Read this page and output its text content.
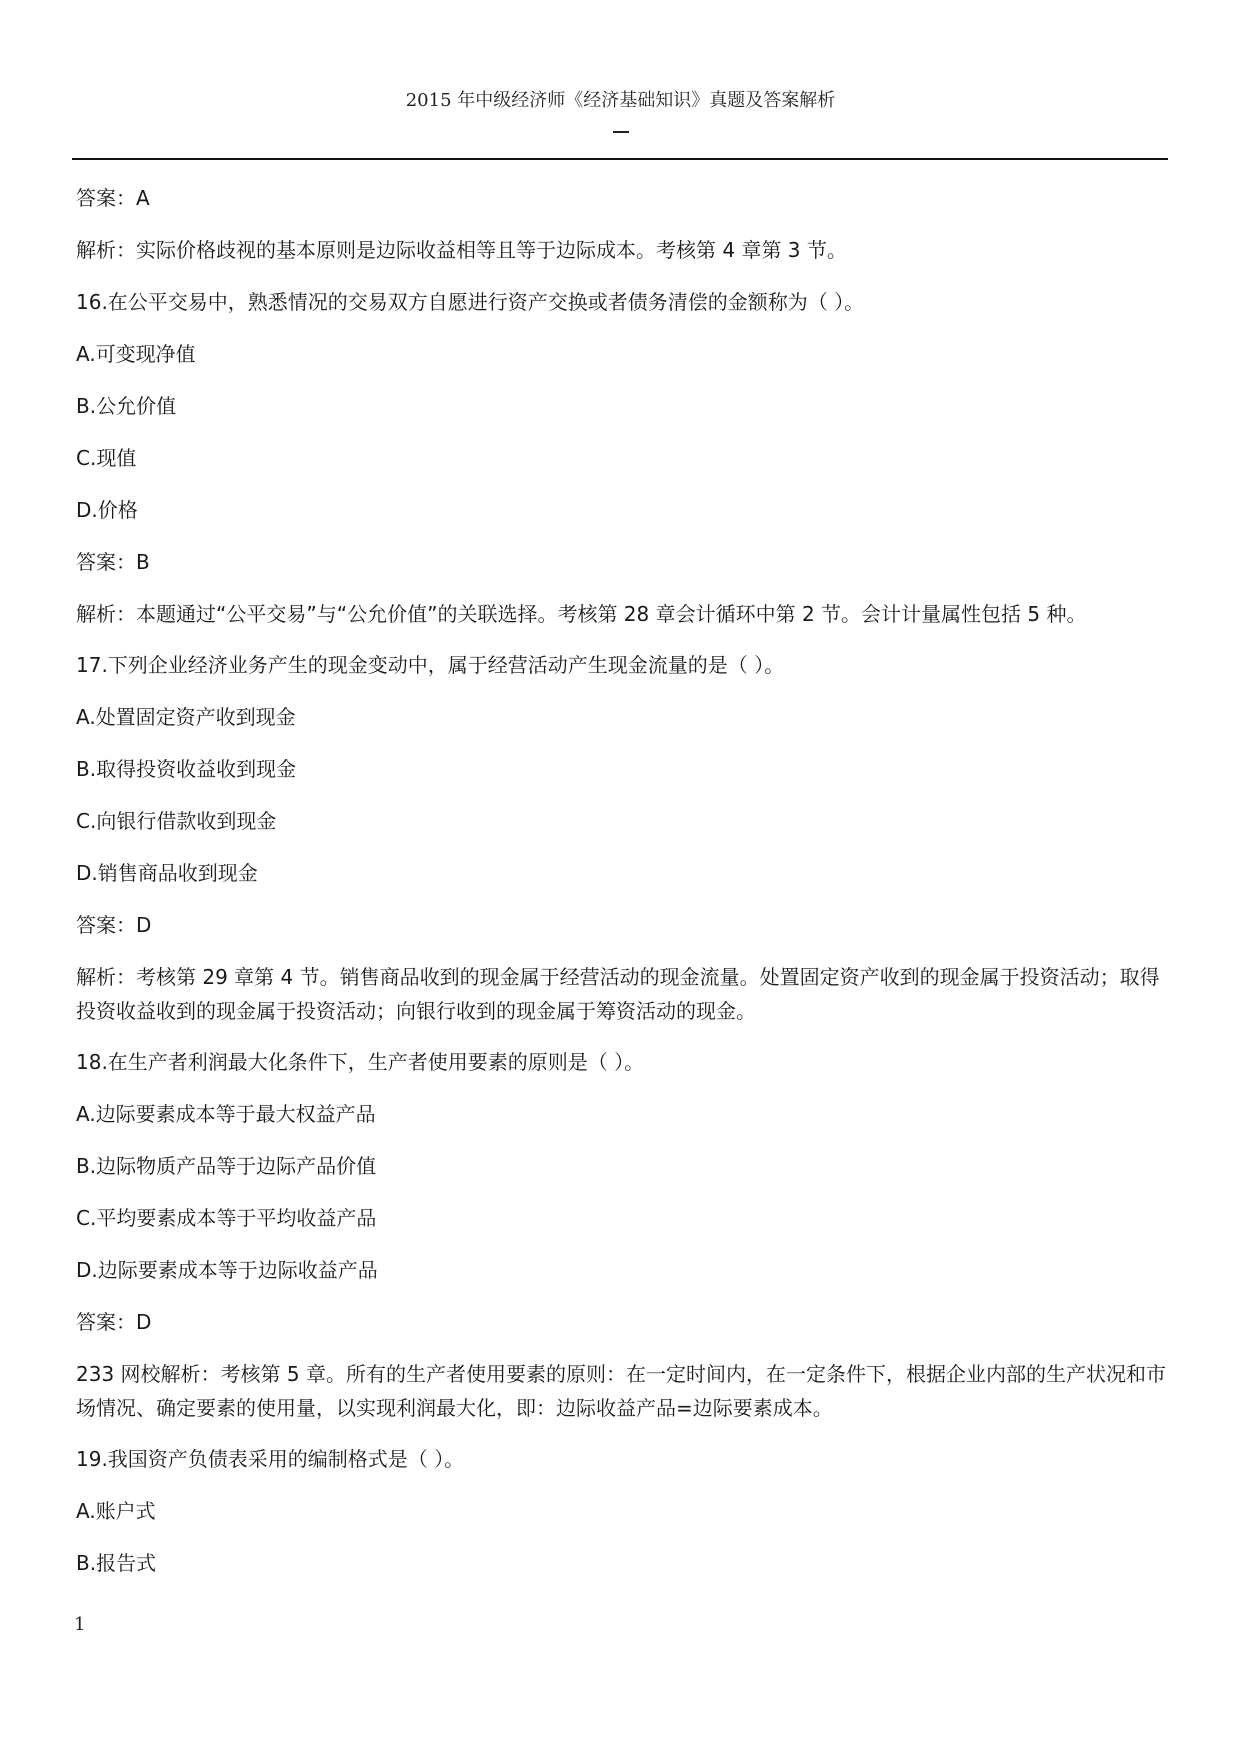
2015 年中级经济师《经济基础知识》真题及答案解析

答案：A

解析：实际价格歧视的基本原则是边际收益相等且等于边际成本。考核第 4 章第 3 节。

16.在公平交易中，熟悉情况的交易双方自愿进行资产交换或者债务清偿的金额称为（ ）。

A.可变现净值

B.公允价值

C.现值

D.价格

答案：B

解析：本题通过“公平交易”与“公允价值”的关联选择。考核第 28 章会计循环中第 2 节。会计计量属性包括 5 种。

17.下列企业经济业务产生的现金变动中，属于经营活动产生现金流量的是（ ）。

A.处置固定资产收到现金

B.取得投资收益收到现金

C.向银行借款收到现金

D.销售商品收到现金

答案：D

解析：考核第 29 章第 4 节。销售商品收到的现金属于经营活动的现金流量。处置固定资产收到的现金属于投资活动；取得投资收益收到的现金属于投资活动；向银行收到的现金属于筹资活动的现金。

18.在生产者利润最大化条件下，生产者使用要素的原则是（ ）。

A.边际要素成本等于最大权益产品

B.边际物质产品等于边际产品价值

C.平均要素成本等于平均收益产品

D.边际要素成本等于边际收益产品

答案：D

233 网校解析：考核第 5 章。所有的生产者使用要素的原则：在一定时间内，在一定条件下，根据企业内部的生产状况和市场情况、确定要素的使用量，以实现利润最大化，即：边际收益产品=边际要素成本。

19.我国资产负债表采用的编制格式是（ ）。

A.账户式

B.报告式

1
